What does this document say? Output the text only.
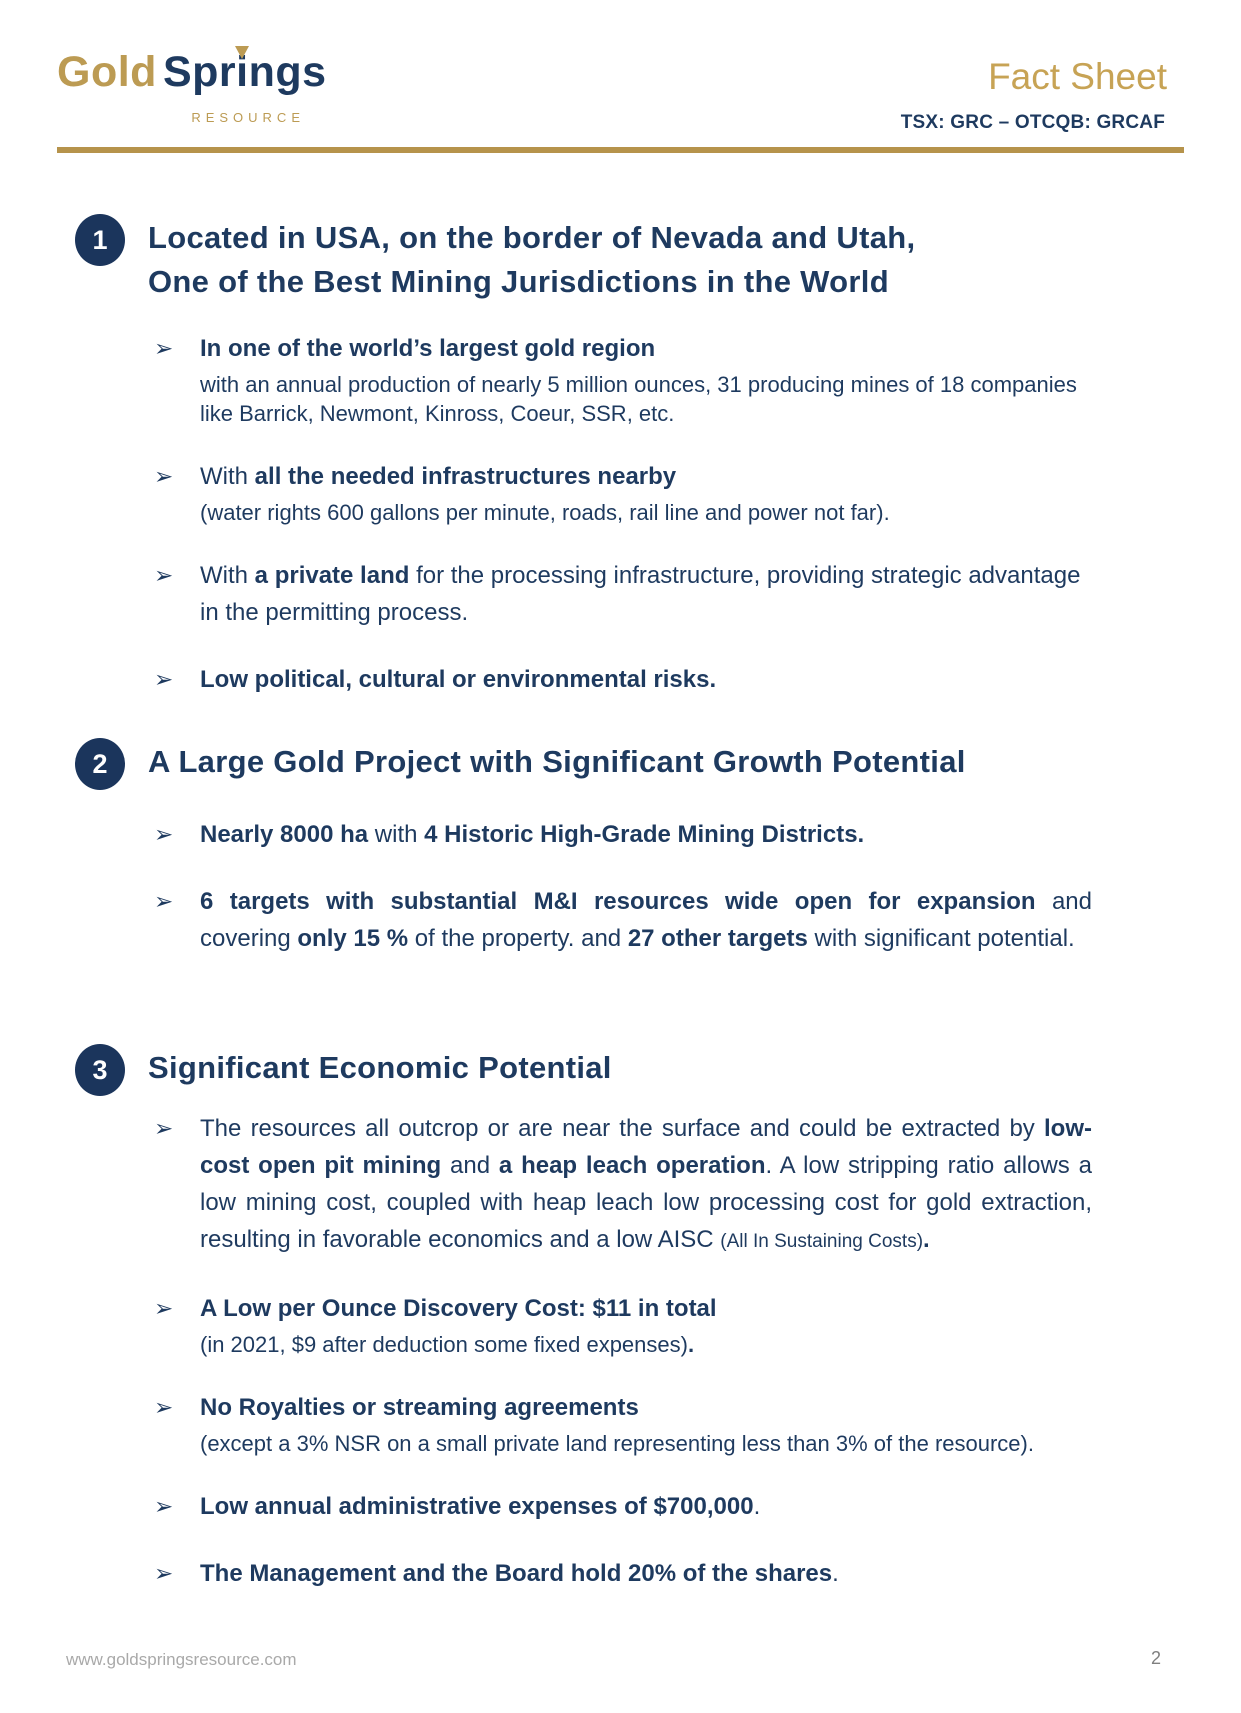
Gold Springs
RESOURCE
Fact Sheet
TSX: GRC – OTCQB: GRCAF
1	Located in USA, on the border of Nevada and Utah,
One of the Best Mining Jurisdictions in the World
➢	In one of the world’s largest gold region

with an annual production of nearly 5 million ounces, 31 producing mines of 18 companies like Barrick, Newmont, Kinross, Coeur, SSR, etc.

➢	With all the needed infrastructures nearby

(water rights 600 gallons per minute, roads, rail line and power not far).

➢	With a private land for the processing infrastructure, providing strategic advantage in the permitting process.

➢	Low political, cultural or environmental risks.

2	A Large Gold Project with Significant Growth Potential
➢	Nearly 8000 ha with 4 Historic High-Grade Mining Districts.

➢	6 targets with substantial M&I resources wide open for expansion and covering only 15 % of the property. and 27 other targets with significant potential.

3	Significant Economic Potential
➢	The resources all outcrop or are near the surface and could be extracted by low-cost open pit mining and a heap leach operation. A low stripping ratio allows a low mining cost, coupled with heap leach low processing cost for gold extraction, resulting in favorable economics and a low AISC (All In Sustaining Costs).

➢	A Low per Ounce Discovery Cost: $11 in total

(in 2021, $9 after deduction some fixed expenses).

➢	No Royalties or streaming agreements

(except a 3% NSR on a small private land representing less than 3% of the resource).

➢	Low annual administrative expenses of $700,000.

➢	The Management and the Board hold 20% of the shares.

www.goldspringsresource.com	2
